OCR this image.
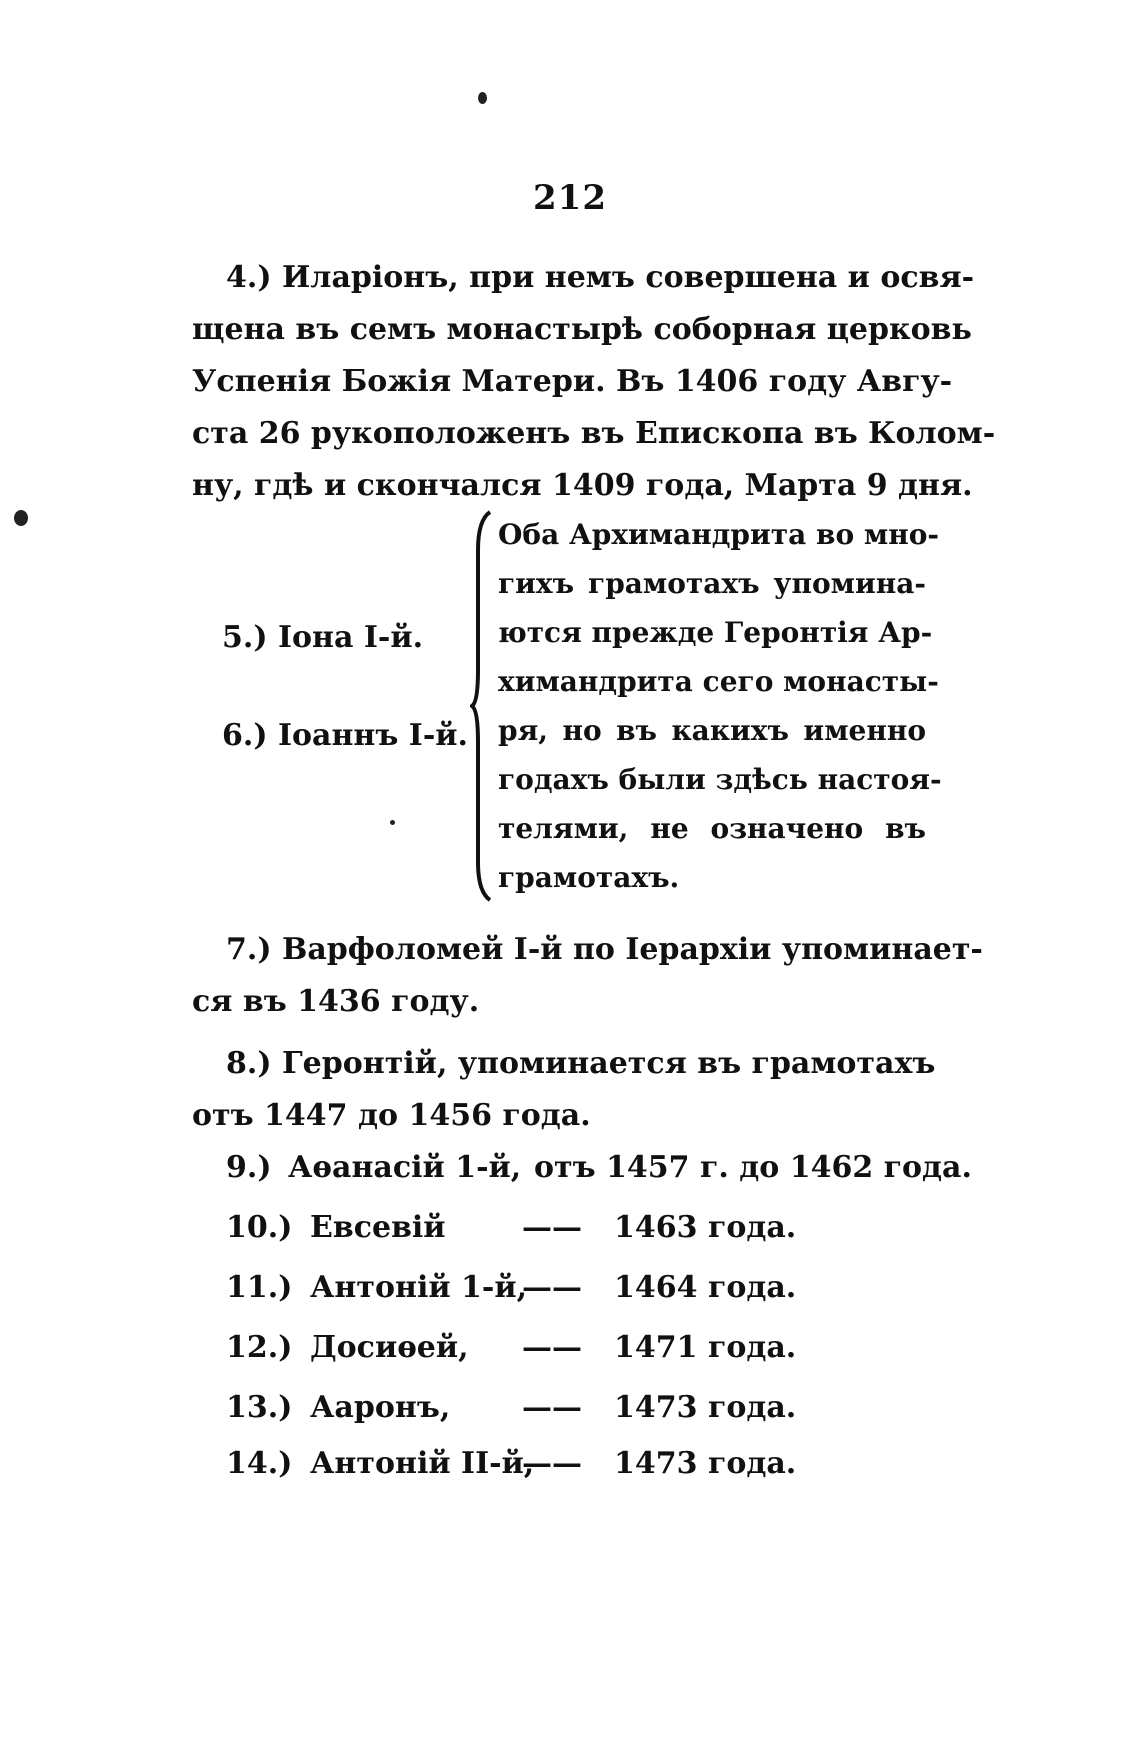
212
4.) Иларіонъ, при немъ совершена и освя-
щена въ семъ монастырѣ соборная церковь
Успенія Божія Матери. Въ 1406 году Авгу-
ста 26 рукоположенъ въ Епископа въ Колом-
ну, гдѣ и скончался 1409 года, Марта 9 дня.
5.) Іона І-й.
6.) Іоаннъ І-й.
Оба Архимандрита во мно-
гихъ грамотахъ упомина-
ются прежде Геронтія Ар-
химандрита сего монасты-
ря, но въ какихъ именно
годахъ были здѣсь настоя-
телями, не означено въ
грамотахъ.
7.) Варфоломей І-й по Іерархіи упоминает-
ся въ 1436 году.
8.) Геронтій, упоминается въ грамотахъ
отъ 1447 до 1456 года.
9.) Аѳанасій 1-й, отъ 1457 г. до 1462 года.
10.) Евсевій	—— 1463 года.
11.) Антоній 1-й,
—— 1464 года.
12.) Досиѳей, —— 1471 года.
13.) Ааронъ, —— 1473 года.
14.) Антоній II-й,
—— 1473 года.
